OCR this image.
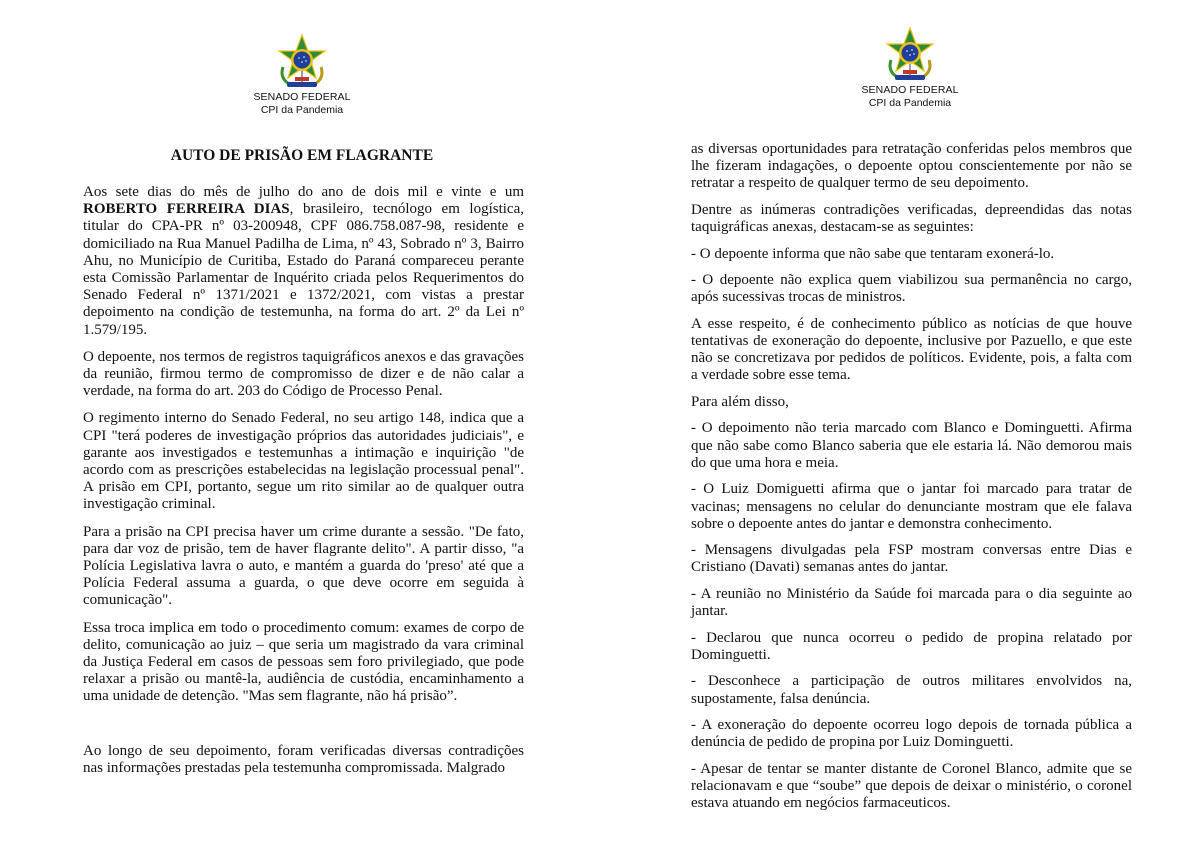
SENADO FEDERAL
CPI da Pandemia
AUTO DE PRISÃO EM FLAGRANTE

Aos sete dias do mês de julho do ano de dois mil e vinte e um ROBERTO FERREIRA DIAS, brasileiro, tecnólogo em logística, titular do CPA-PR nº 03-200948, CPF 086.758.087-98, residente e domiciliado na Rua Manuel Padilha de Lima, nº 43, Sobrado nº 3, Bairro Ahu, no Município de Curitiba, Estado do Paraná compareceu perante esta Comissão Parlamentar de Inquérito criada pelos Requerimentos do Senado Federal nº 1371/2021 e 1372/2021, com vistas a prestar depoimento na condição de testemunha, na forma do art. 2º da Lei nº 1.579/195.

O depoente, nos termos de registros taquigráficos anexos e das gravações da reunião, firmou termo de compromisso de dizer e de não calar a verdade, na forma do art. 203 do Código de Processo Penal.

O regimento interno do Senado Federal, no seu artigo 148, indica que a CPI "terá poderes de investigação próprios das autoridades judiciais", e garante aos investigados e testemunhas a intimação e inquirição "de acordo com as prescrições estabelecidas na legislação processual penal". A prisão em CPI, portanto, segue um rito similar ao de qualquer outra investigação criminal.

Para a prisão na CPI precisa haver um crime durante a sessão. "De fato, para dar voz de prisão, tem de haver flagrante delito". A partir disso, "a Polícia Legislativa lavra o auto, e mantém a guarda do 'preso' até que a Polícia Federal assuma a guarda, o que deve ocorre em seguida à comunicação".

Essa troca implica em todo o procedimento comum: exames de corpo de delito, comunicação ao juiz – que seria um magistrado da vara criminal da Justiça Federal em casos de pessoas sem foro privilegiado, que pode relaxar a prisão ou mantê-la, audiência de custódia, encaminhamento a uma unidade de detenção. "Mas sem flagrante, não há prisão”.

Ao longo de seu depoimento, foram verificadas diversas contradições nas informações prestadas pela testemunha compromissada. Malgrado

SENADO FEDERAL
CPI da Pandemia

as diversas oportunidades para retratação conferidas pelos membros que lhe fizeram indagações, o depoente optou conscientemente por não se retratar a respeito de qualquer termo de seu depoimento.

Dentre as inúmeras contradições verificadas, depreendidas das notas taquigráficas anexas, destacam-se as seguintes:

- O depoente informa que não sabe que tentaram exonerá-lo.

- O depoente não explica quem viabilizou sua permanência no cargo, após sucessivas trocas de ministros.

A esse respeito, é de conhecimento público as notícias de que houve tentativas de exoneração do depoente, inclusive por Pazuello, e que este não se concretizava por pedidos de políticos. Evidente, pois, a falta com a verdade sobre esse tema.

Para além disso,

- O depoimento não teria marcado com Blanco e Dominguetti. Afirma que não sabe como Blanco saberia que ele estaria lá. Não demorou mais do que uma hora e meia.

- O Luiz Domiguetti afirma que o jantar foi marcado para tratar de vacinas; mensagens no celular do denunciante mostram que ele falava sobre o depoente antes do jantar e demonstra conhecimento.

- Mensagens divulgadas pela FSP mostram conversas entre Dias e Cristiano (Davati) semanas antes do jantar.

- A reunião no Ministério da Saúde foi marcada para o dia seguinte ao jantar.

- Declarou que nunca ocorreu o pedido de propina relatado por Dominguetti.

- Desconhece a participação de outros militares envolvidos na, supostamente, falsa denúncia.

- A exoneração do depoente ocorreu logo depois de tornada pública a denúncia de pedido de propina por Luiz Dominguetti.

- Apesar de tentar se manter distante de Coronel Blanco, admite que se relacionavam e que “soube” que depois de deixar o ministério, o coronel estava atuando em negócios farmaceuticos.
